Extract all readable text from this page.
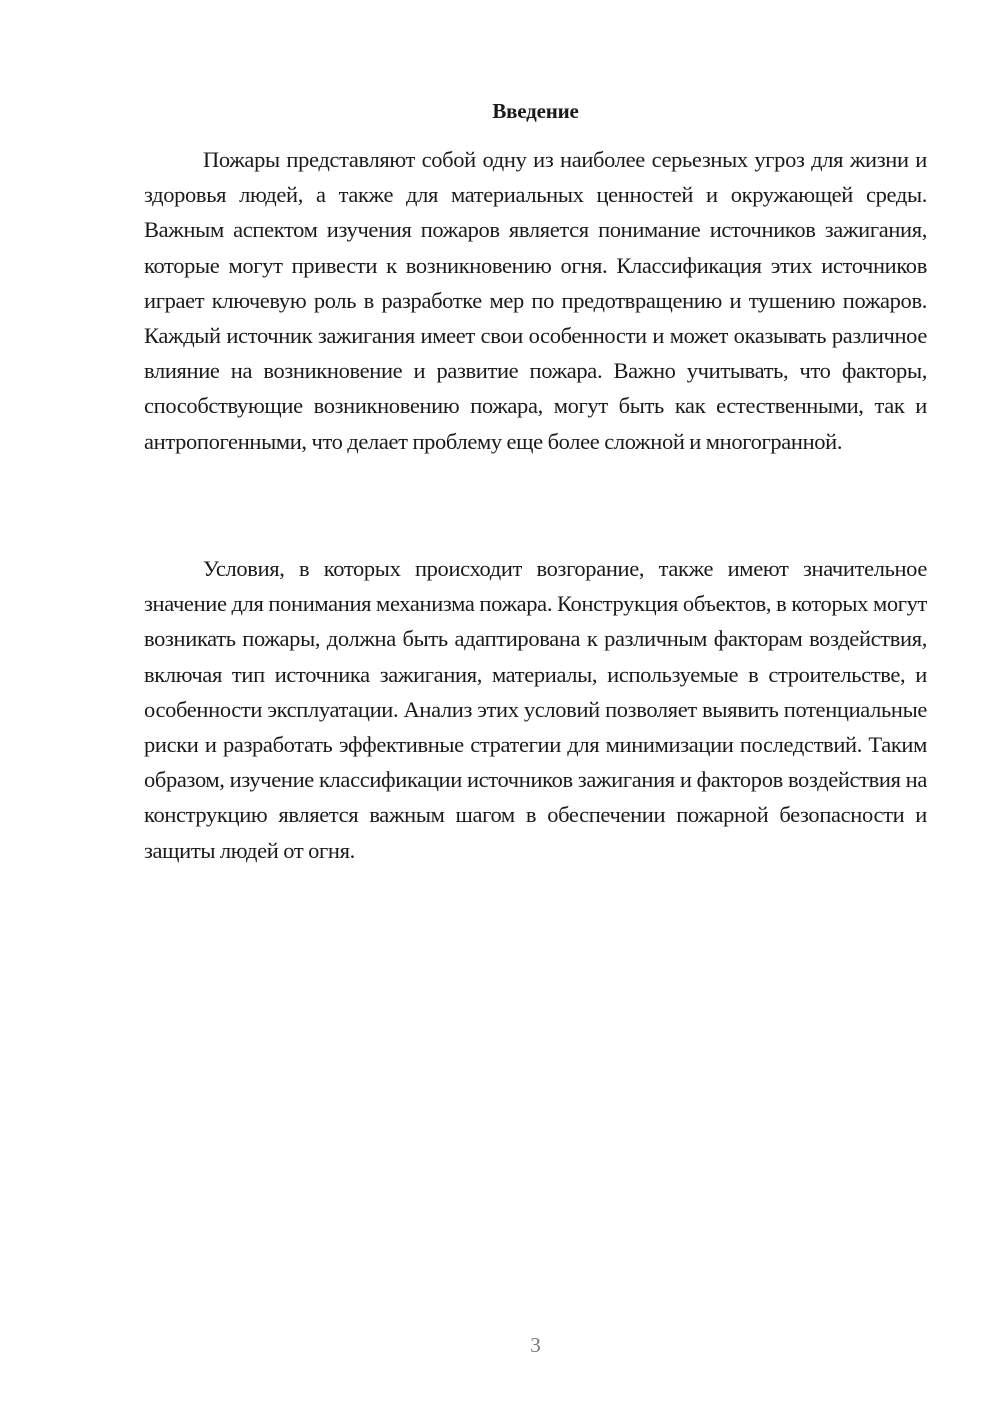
Введение

Пожары представляют собой одну из наиболее серьезных угроз для жизни и здоровья людей, а также для материальных ценностей и окружающей среды. Важным аспектом изучения пожаров является понимание источников зажигания, которые могут привести к возникновению огня. Классификация этих источников играет ключевую роль в разработке мер по предотвращению и тушению пожаров. Каждый источник зажигания имеет свои особенности и может оказывать различное влияние на возникновение и развитие пожара. Важно учитывать, что факторы, способствующие возникновению пожара, могут быть как естественными, так и антропогенными, что делает проблему еще более сложной и многогранной.

Условия, в которых происходит возгорание, также имеют значительное значение для понимания механизма пожара. Конструкция объектов, в которых могут возникать пожары, должна быть адаптирована к различным факторам воздействия, включая тип источника зажигания, материалы, используемые в строительстве, и особенности эксплуатации. Анализ этих условий позволяет выявить потенциальные риски и разработать эффективные стратегии для минимизации последствий. Таким образом, изучение классификации источников зажигания и факторов воздействия на конструкцию является важным шагом в обеспечении пожарной безопасности и защиты людей от огня.

3
